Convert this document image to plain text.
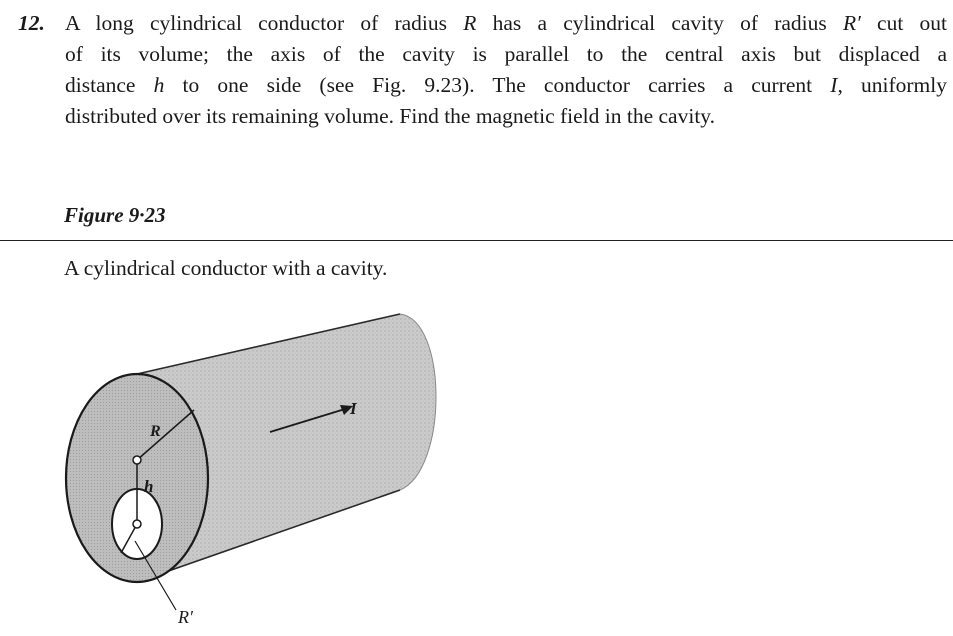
12. A long cylindrical conductor of radius R has a cylindrical cavity of radius R′ cut out
of its volume; the axis of the cavity is parallel to the central axis but displaced a
distance h to one side (see Fig. 9.23). The conductor carries a current I, uniformly
distributed over its remaining volume. Find the magnetic field in the cavity.
Figure 9·23
A cylindrical conductor with a cavity.
R
h
I
R′
